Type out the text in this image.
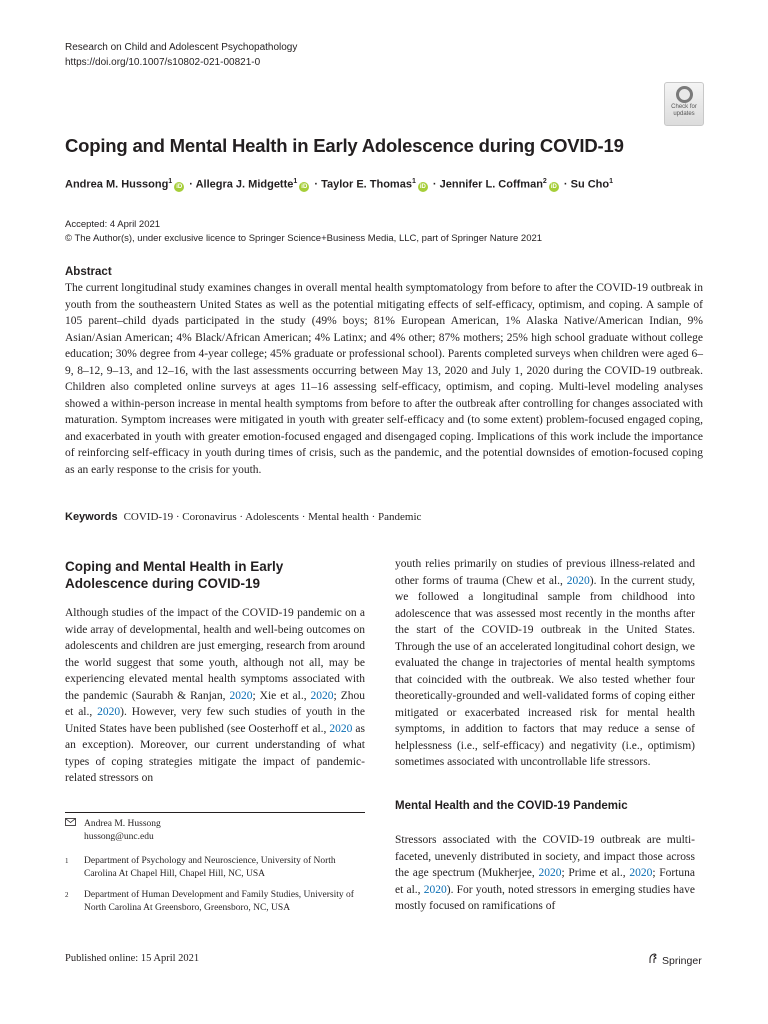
Research on Child and Adolescent Psychopathology
https://doi.org/10.1007/s10802-021-00821-0
Check for
updates
Coping and Mental Health in Early Adolescence during COVID-19
Andrea M. Hussong$^1$iD · Allegra J. Midgette$^1$iD · Taylor E. Thomas$^1$iD · Jennifer L. Coffman$^2$iD · Su Cho$^1$
Accepted: 4 April 2021
© The Author(s), under exclusive licence to Springer Science+Business Media, LLC, part of Springer Nature 2021
Abstract
The current longitudinal study examines changes in overall mental health symptomatology from before to after the COVID-19 outbreak in youth from the southeastern United States as well as the potential mitigating effects of self-efficacy, optimism, and coping. A sample of 105 parent–child dyads participated in the study (49% boys; 81% European American, 1% Alaska Native/American Indian, 9% Asian/Asian American; 4% Black/African American; 4% Latinx; and 4% other; 87% mothers; 25% high school graduate without college education; 30% degree from 4-year college; 45% graduate or professional school). Parents completed surveys when children were aged 6–9, 8–12, 9–13, and 12–16, with the last assessments occurring between May 13, 2020 and July 1, 2020 during the COVID-19 outbreak. Children also completed online surveys at ages 11–16 assessing self-efficacy, optimism, and coping. Multi-level modeling analyses showed a within-person increase in mental health symptoms from before to after the outbreak after controlling for changes associated with maturation. Symptom increases were mitigated in youth with greater self-efficacy and (to some extent) problem-focused engaged coping, and exacerbated in youth with greater emotion-focused engaged and disengaged coping. Implications of this work include the importance of reinforcing self-efficacy in youth during times of crisis, such as the pandemic, and the potential downsides of emotion-focused coping as an early response to the crisis for youth.
Keywords COVID-19 · Coronavirus · Adolescents · Mental health · Pandemic
Coping and Mental Health in Early Adolescence during COVID-19
Although studies of the impact of the COVID-19 pandemic on a wide array of developmental, health and well-being outcomes on adolescents and children are just emerging, research from around the world suggest that some youth, although not all, may be experiencing elevated mental health symptoms associated with the pandemic (Saurabh & Ranjan, 2020; Xie et al., 2020; Zhou et al., 2020). However, very few such studies of youth in the United States have been published (see Oosterhoff et al., 2020 as an exception). Moreover, our current understanding of what types of coping strategies mitigate the impact of pandemic-related stressors on
youth relies primarily on studies of previous illness-related and other forms of trauma (Chew et al., 2020). In the current study, we followed a longitudinal sample from childhood into adolescence that was assessed most recently in the months after the start of the COVID-19 outbreak in the United States. Through the use of an accelerated longitudinal cohort design, we evaluated the change in trajectories of mental health symptoms that coincided with the outbreak. We also tested whether four theoretically-grounded and well-validated forms of coping either mitigated or exacerbated increased risk for mental health symptoms, in addition to factors that may reduce a sense of helplessness (i.e., self-efficacy) and negativity (i.e., optimism) sometimes associated with uncontrollable life stressors.
Mental Health and the COVID-19 Pandemic
Stressors associated with the COVID-19 outbreak are multi-faceted, unevenly distributed in society, and impact those across the age spectrum (Mukherjee, 2020; Prime et al., 2020; Fortuna et al., 2020). For youth, noted stressors in emerging studies have mostly focused on ramifications of
Andrea M. Hussong
hussong@unc.edu
1 Department of Psychology and Neuroscience, University of North Carolina At Chapel Hill, Chapel Hill, NC, USA
2 Department of Human Development and Family Studies, University of North Carolina At Greensboro, Greensboro, NC, USA
Published online: 15 April 2021	Springer
